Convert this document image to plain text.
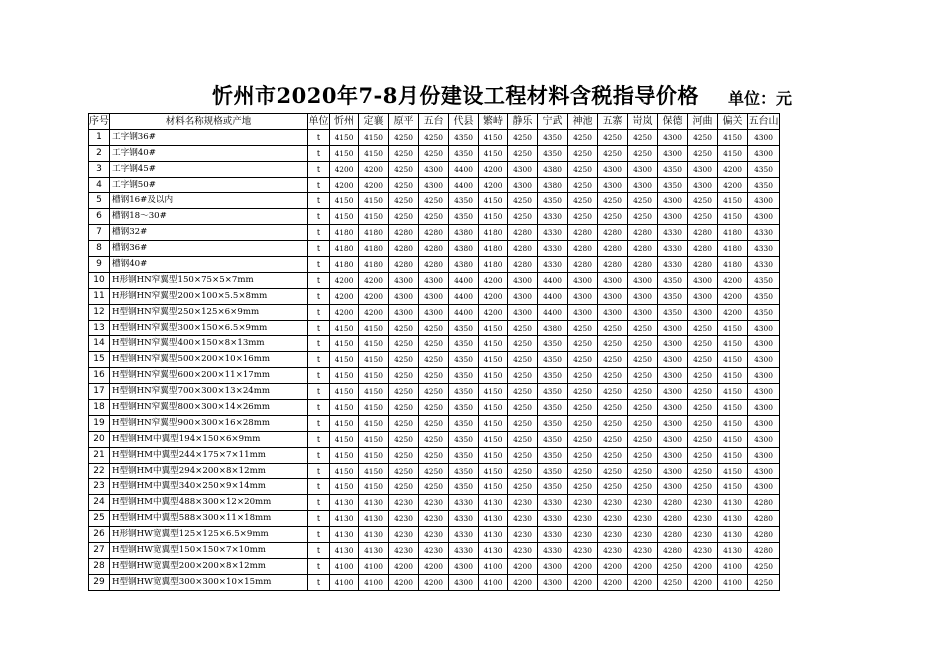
忻州市2020年7-8月份建设工程材料含税指导价格 单位：元
序号	材料名称规格或产地	单位	忻州	定襄	原平	五台	代县	繁峙	静乐	宁武	神池	五寨	岢岚	保德	河曲	偏关	五台山
1	工字钢36#	t	4150	4150	4250	4250	4350	4150	4250	4350	4250	4250	4250	4300	4250	4150	4300
2	工字钢40#	t	4150	4150	4250	4250	4350	4150	4250	4350	4250	4250	4250	4300	4250	4150	4300
3	工字钢45#	t	4200	4200	4250	4300	4400	4200	4300	4380	4250	4300	4300	4350	4300	4200	4350
4	工字钢50#	t	4200	4200	4250	4300	4400	4200	4300	4380	4250	4300	4300	4350	4300	4200	4350
5	槽钢16#及以内	t	4150	4150	4250	4250	4350	4150	4250	4350	4250	4250	4250	4300	4250	4150	4300
6	槽钢18～30#	t	4150	4150	4250	4250	4350	4150	4250	4330	4250	4250	4250	4300	4250	4150	4300
7	槽钢32#	t	4180	4180	4280	4280	4380	4180	4280	4330	4280	4280	4280	4330	4280	4180	4330
8	槽钢36#	t	4180	4180	4280	4280	4380	4180	4280	4330	4280	4280	4280	4330	4280	4180	4330
9	槽钢40#	t	4180	4180	4280	4280	4380	4180	4280	4330	4280	4280	4280	4330	4280	4180	4330
10	H形钢HN窄翼型150×75×5×7mm	t	4200	4200	4300	4300	4400	4200	4300	4400	4300	4300	4300	4350	4300	4200	4350
11	H形钢HN窄翼型200×100×5.5×8mm	t	4200	4200	4300	4300	4400	4200	4300	4400	4300	4300	4300	4350	4300	4200	4350
12	H型钢HN窄翼型250×125×6×9mm	t	4200	4200	4300	4300	4400	4200	4300	4400	4300	4300	4300	4350	4300	4200	4350
13	H型钢HN窄翼型300×150×6.5×9mm	t	4150	4150	4250	4250	4350	4150	4250	4380	4250	4250	4250	4300	4250	4150	4300
14	H型钢HN窄翼型400×150×8×13mm	t	4150	4150	4250	4250	4350	4150	4250	4350	4250	4250	4250	4300	4250	4150	4300
15	H型钢HN窄翼型500×200×10×16mm	t	4150	4150	4250	4250	4350	4150	4250	4350	4250	4250	4250	4300	4250	4150	4300
16	H型钢HN窄翼型600×200×11×17mm	t	4150	4150	4250	4250	4350	4150	4250	4350	4250	4250	4250	4300	4250	4150	4300
17	H型钢HN窄翼型700×300×13×24mm	t	4150	4150	4250	4250	4350	4150	4250	4350	4250	4250	4250	4300	4250	4150	4300
18	H型钢HN窄翼型800×300×14×26mm	t	4150	4150	4250	4250	4350	4150	4250	4350	4250	4250	4250	4300	4250	4150	4300
19	H型钢HN窄翼型900×300×16×28mm	t	4150	4150	4250	4250	4350	4150	4250	4350	4250	4250	4250	4300	4250	4150	4300
20	H型钢HM中翼型194×150×6×9mm	t	4150	4150	4250	4250	4350	4150	4250	4350	4250	4250	4250	4300	4250	4150	4300
21	H型钢HM中翼型244×175×7×11mm	t	4150	4150	4250	4250	4350	4150	4250	4350	4250	4250	4250	4300	4250	4150	4300
22	H型钢HM中翼型294×200×8×12mm	t	4150	4150	4250	4250	4350	4150	4250	4350	4250	4250	4250	4300	4250	4150	4300
23	H型钢HM中翼型340×250×9×14mm	t	4150	4150	4250	4250	4350	4150	4250	4350	4250	4250	4250	4300	4250	4150	4300
24	H型钢HM中翼型488×300×12×20mm	t	4130	4130	4230	4230	4330	4130	4230	4330	4230	4230	4230	4280	4230	4130	4280
25	H型钢HM中翼型588×300×11×18mm	t	4130	4130	4230	4230	4330	4130	4230	4330	4230	4230	4230	4280	4230	4130	4280
26	H形钢HW宽翼型125×125×6.5×9mm	t	4130	4130	4230	4230	4330	4130	4230	4330	4230	4230	4230	4280	4230	4130	4280
27	H型钢HW宽翼型150×150×7×10mm	t	4130	4130	4230	4230	4330	4130	4230	4330	4230	4230	4230	4280	4230	4130	4280
28	H型钢HW宽翼型200×200×8×12mm	t	4100	4100	4200	4200	4300	4100	4200	4300	4200	4200	4200	4250	4200	4100	4250
29	H型钢HW宽翼型300×300×10×15mm	t	4100	4100	4200	4200	4300	4100	4200	4300	4200	4200	4200	4250	4200	4100	4250
